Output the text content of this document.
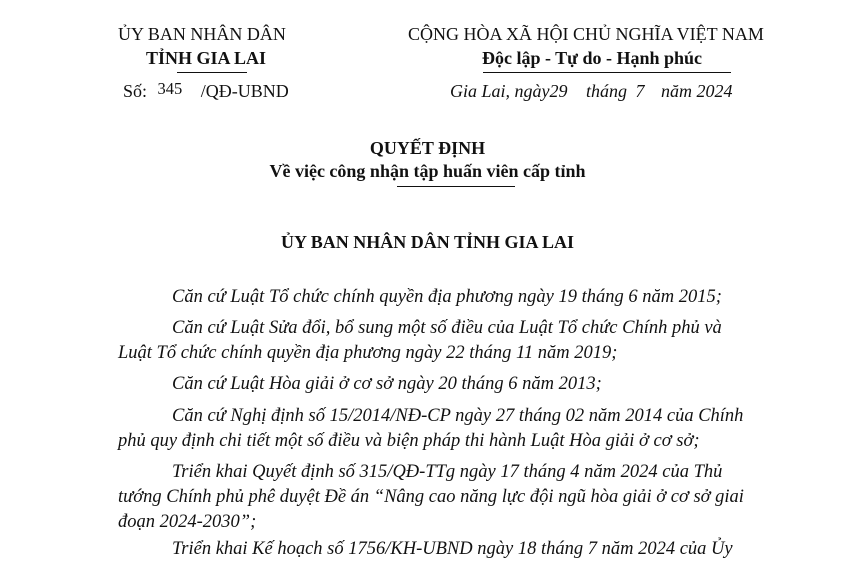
ỦY BAN NHÂN DÂN
TỈNH GIA LAI
Số: 345 /QĐ-UBND
CỘNG HÒA XÃ HỘI CHỦ NGHĨA VIỆT NAM
Độc lập - Tự do - Hạnh phúc
Gia Lai, ngày29 tháng 7 năm 2024
QUYẾT ĐỊNH
Về việc công nhận tập huấn viên cấp tỉnh
ỦY BAN NHÂN DÂN TỈNH GIA LAI
Căn cứ Luật Tổ chức chính quyền địa phương ngày 19 tháng 6 năm 2015;
Căn cứ Luật Sửa đổi, bổ sung một số điều của Luật Tổ chức Chính phủ và
Luật Tổ chức chính quyền địa phương ngày 22 tháng 11 năm 2019;
Căn cứ Luật Hòa giải ở cơ sở ngày 20 tháng 6 năm 2013;
Căn cứ Nghị định số 15/2014/NĐ-CP ngày 27 tháng 02 năm 2014 của Chính
phủ quy định chi tiết một số điều và biện pháp thi hành Luật Hòa giải ở cơ sở;
Triển khai Quyết định số 315/QĐ-TTg ngày 17 tháng 4 năm 2024 của Thủ
tướng Chính phủ phê duyệt Đề án “Nâng cao năng lực đội ngũ hòa giải ở cơ sở giai
đoạn 2024-2030”;
Triển khai Kế hoạch số 1756/KH-UBND ngày 18 tháng 7 năm 2024 của Ủy
